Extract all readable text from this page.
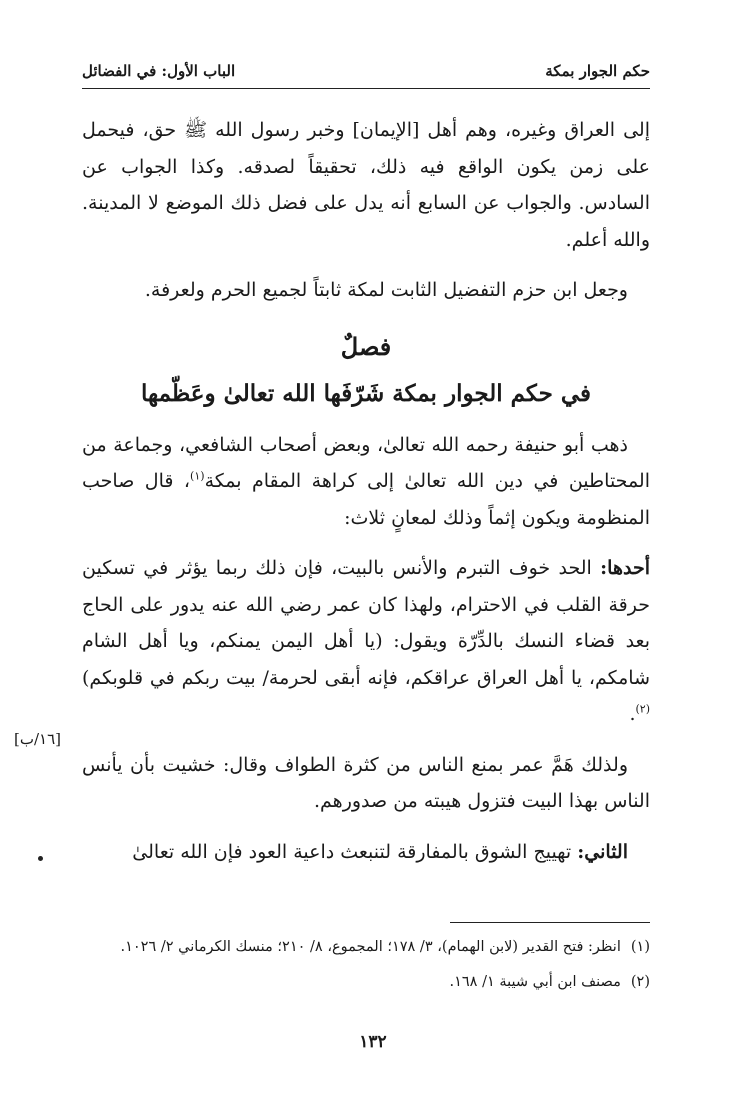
حكم الجوار بمكة
الباب الأول: في الفضائل

إلى العراق وغيره، وهم أهل [الإيمان] وخبر رسول الله ﷺ حق، فيحمل على زمن يكون الواقع فيه ذلك، تحقيقاً لصدقه. وكذا الجواب عن السادس. والجواب عن السابع أنه يدل على فضل ذلك الموضع لا المدينة. والله أعلم.

وجعل ابن حزم التفضيل الثابت لمكة ثابتاً لجميع الحرم ولعرفة.

فصلٌ
في حكم الجوار بمكة شَرّفَها الله تعالىٰ وعَظّمها

ذهب أبو حنيفة رحمه الله تعالىٰ، وبعض أصحاب الشافعي، وجماعة من المحتاطين في دين الله تعالىٰ إلى كراهة المقام بمكة$^{(١)}$، قال صاحب المنظومة ويكون إثماً وذلك لمعانٍ ثلاث:

أحدها: الحد خوف التبرم والأنس بالبيت، فإن ذلك ربما يؤثر في تسكين حرقة القلب في الاحترام، ولهذا كان عمر رضي الله عنه يدور على الحاج بعد قضاء النسك بالدِّرّة ويقول: (يا أهل اليمن يمنكم، ويا أهل الشام شامكم، يا أهل العراق عراقكم، فإنه أبقى لحرمة/ بيت ربكم في قلوبكم)$^{(٢)}$.

ولذلك هَمَّ عمر بمنع الناس من كثرة الطواف وقال: خشيت بأن يأنس الناس بهذا البيت فتزول هيبته من صدورهم.

الثاني: تهييج الشوق بالمفارقة لتنبعث داعية العود فإن الله تعالىٰ

[١٦/ب]
(١)انظر: فتح القدير (لابن الهمام)، ٣/ ١٧٨؛ المجموع، ٨/ ٢١٠؛ منسك الكرماني ٢/ ١٠٢٦.
(٢)مصنف ابن أبي شيبة ١/ ١٦٨.
١٣٢
